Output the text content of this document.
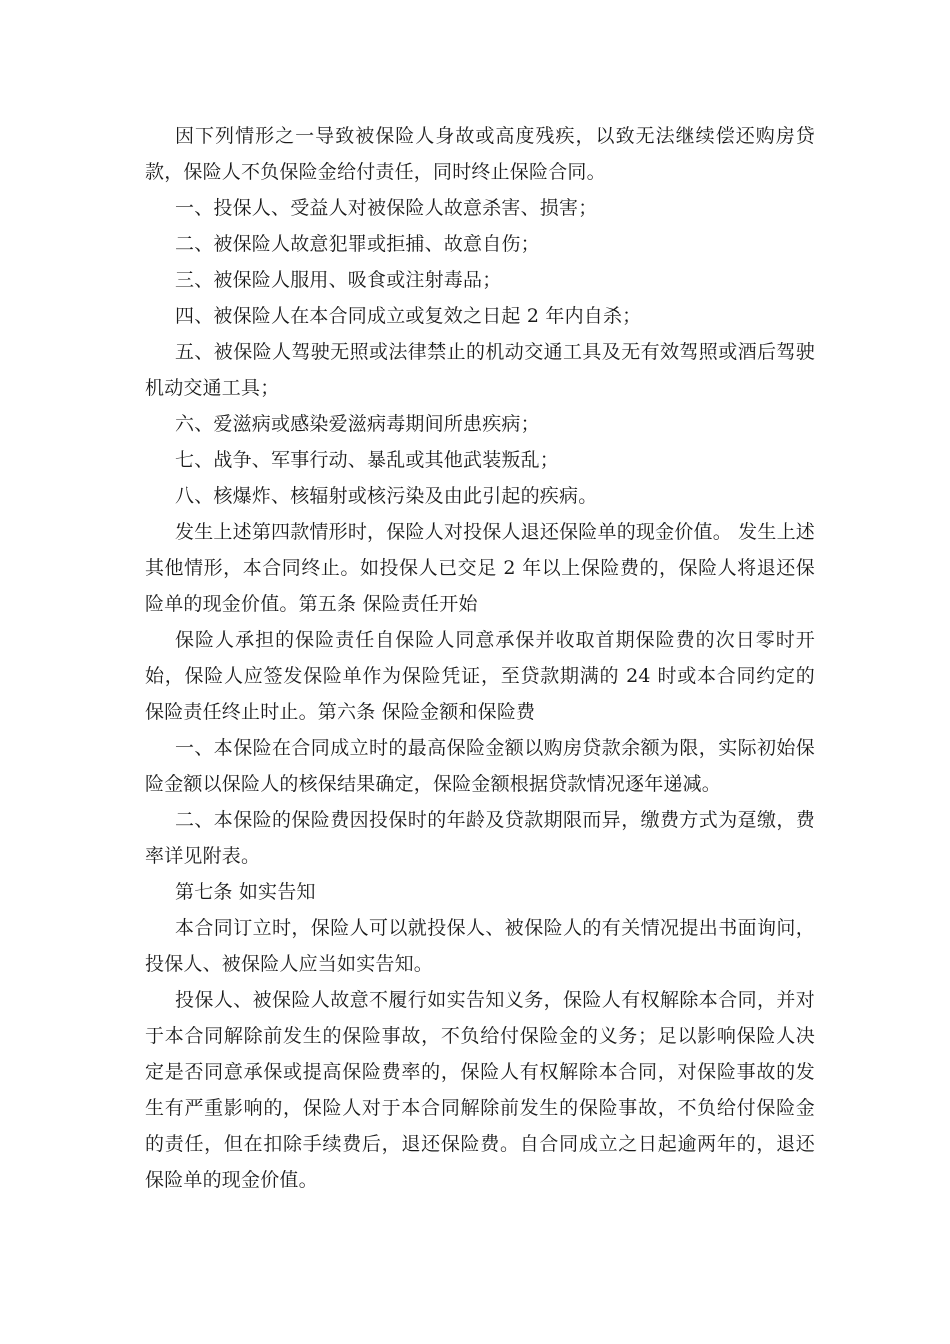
因下列情形之一导致被保险人身故或高度残疾，以致无法继续偿还购房贷款，保险人不负保险金给付责任，同时终止保险合同。

一、投保人、受益人对被保险人故意杀害、损害；

二、被保险人故意犯罪或拒捕、故意自伤；

三、被保险人服用、吸食或注射毒品；

四、被保险人在本合同成立或复效之日起 2 年内自杀；

五、被保险人驾驶无照或法律禁止的机动交通工具及无有效驾照或酒后驾驶机动交通工具；

六、爱滋病或感染爱滋病毒期间所患疾病；

七、战争、军事行动、暴乱或其他武装叛乱；

八、核爆炸、核辐射或核污染及由此引起的疾病。

发生上述第四款情形时，保险人对投保人退还保险单的现金价值。 发生上述其他情形，本合同终止。如投保人已交足 2 年以上保险费的，保险人将退还保险单的现金价值。第五条 保险责任开始

保险人承担的保险责任自保险人同意承保并收取首期保险费的次日零时开始，保险人应签发保险单作为保险凭证，至贷款期满的 24 时或本合同约定的保险责任终止时止。第六条 保险金额和保险费

一、本保险在合同成立时的最高保险金额以购房贷款余额为限，实际初始保险金额以保险人的核保结果确定，保险金额根据贷款情况逐年递减。

二、本保险的保险费因投保时的年龄及贷款期限而异，缴费方式为趸缴，费率详见附表。

第七条 如实告知

本合同订立时，保险人可以就投保人、被保险人的有关情况提出书面询问，投保人、被保险人应当如实告知。

投保人、被保险人故意不履行如实告知义务，保险人有权解除本合同，并对于本合同解除前发生的保险事故，不负给付保险金的义务；足以影响保险人决定是否同意承保或提高保险费率的，保险人有权解除本合同，对保险事故的发生有严重影响的，保险人对于本合同解除前发生的保险事故，不负给付保险金的责任，但在扣除手续费后，退还保险费。自合同成立之日起逾两年的，退还保险单的现金价值。
